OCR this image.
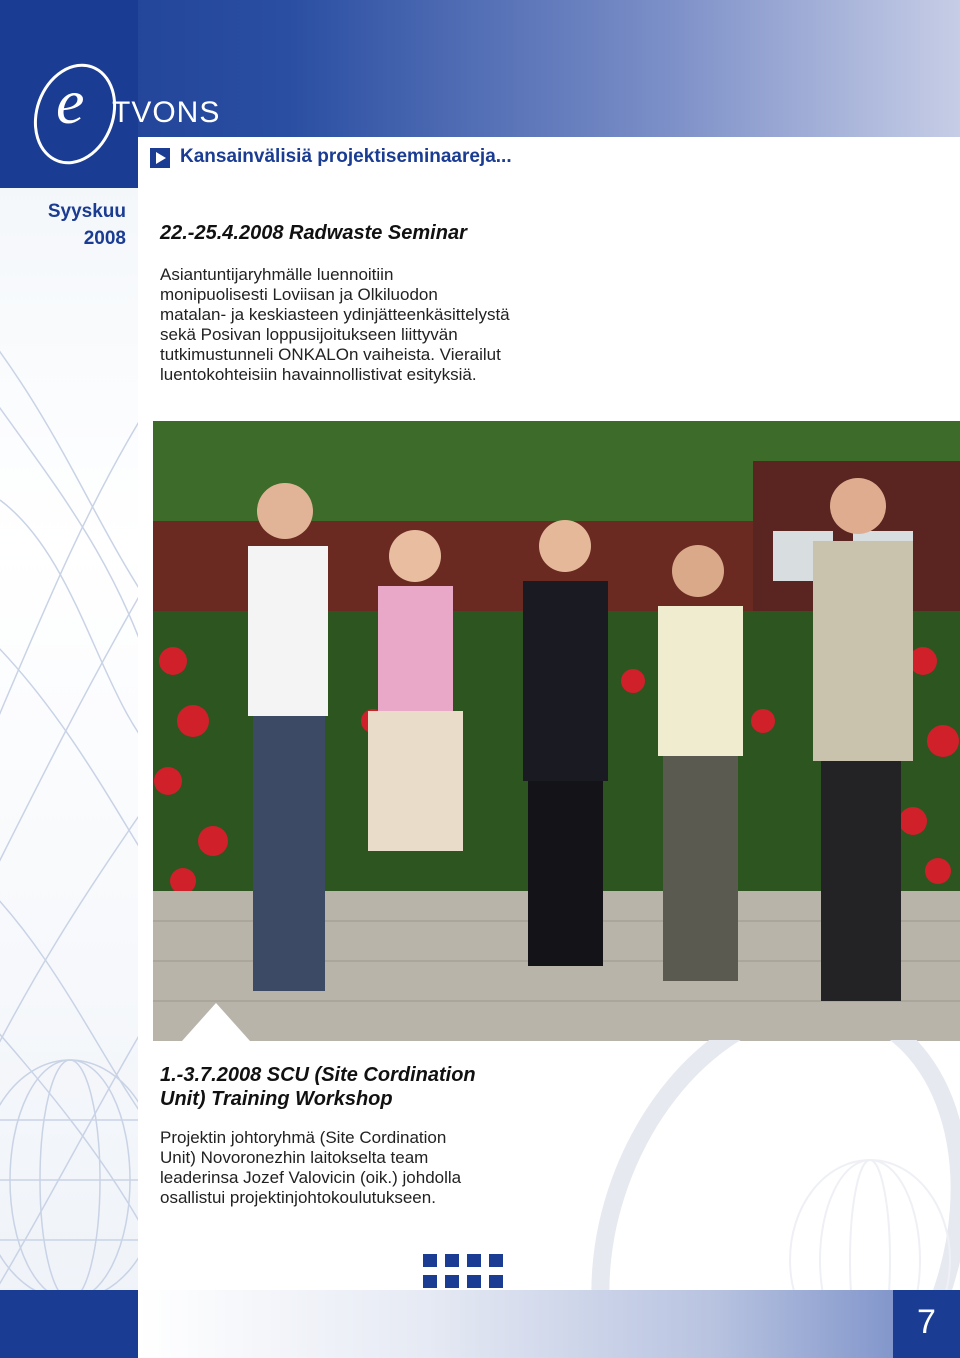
e TVONS
Kansainvälisiä projektiseminaareja...
Syyskuu
2008 22.-25.4.2008 Radwaste Seminar
Asiantuntijaryhmälle luennoitiin
monipuolisesti Loviisan ja Olkiluodon
matalan- ja keskiasteen ydinjätteenkäsittelystä
sekä Posivan loppusijoitukseen liittyvän
tutkimustunneli ONKALOn vaiheista. Vierailut
luentokohteisiin havainnollistivat esityksiä.
1.-3.7.2008 SCU (Site Cordination
Unit) Training Workshop
Projektin johtoryhmä (Site Cordination
Unit) Novoronezhin laitokselta team
leaderinsa Jozef Valovicin (oik.) johdolla
osallistui projektinjohtokoulutukseen.
7
